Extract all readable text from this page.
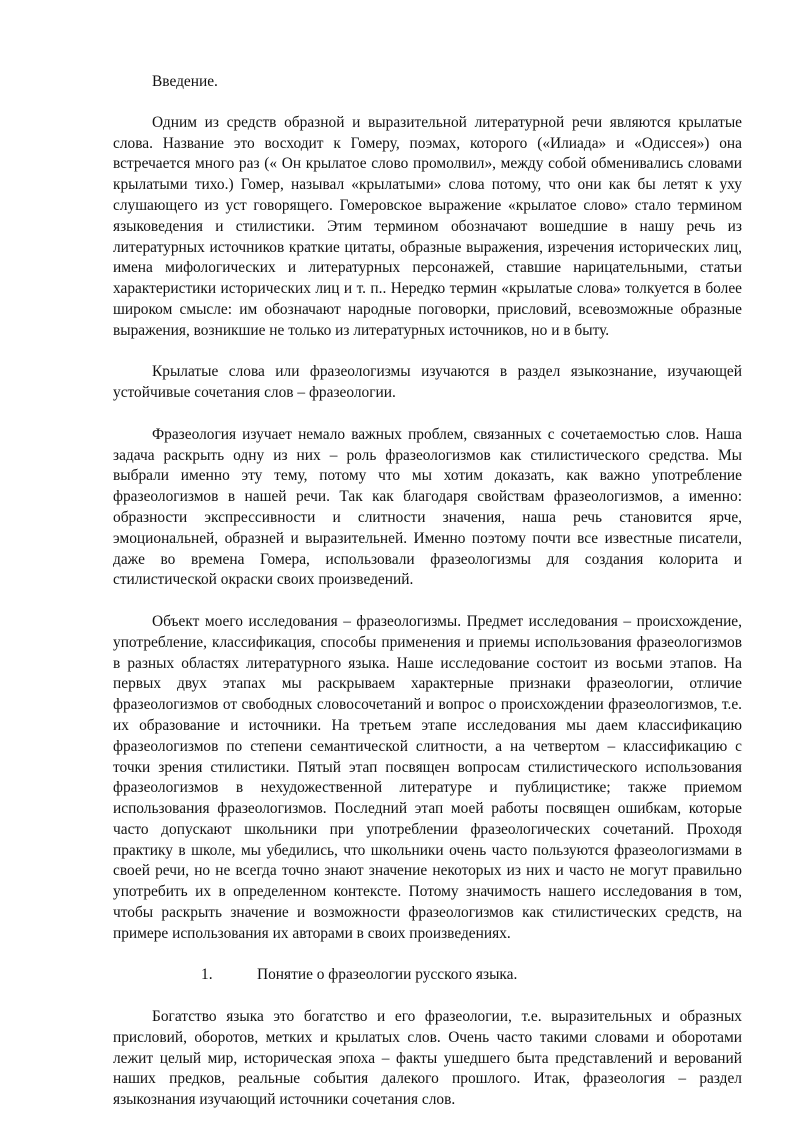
Введение.

Одним из средств образной и выразительной литературной речи являются крылатые слова. Название это восходит к Гомеру, поэмах, которого («Илиада» и «Одиссея») она встречается много раз (« Он крылатое слово промолвил», между собой обменивались словами крылатыми тихо.) Гомер, называл «крылатыми» слова потому, что они как бы летят к уху слушающего из уст говорящего. Гомеровское выражение «крылатое слово» стало термином языковедения и стилистики. Этим термином обозначают вошедшие в нашу речь из литературных источников краткие цитаты, образные выражения, изречения исторических лиц, имена мифологических и литературных персонажей, ставшие нарицательными, статьи характеристики исторических лиц и т. п.. Нередко термин «крылатые слова» толкуется в более широком смысле: им обозначают народные поговорки, присловий, всевозможные образные выражения, возникшие не только из литературных источников, но и в быту.

Крылатые слова или фразеологизмы изучаются в раздел языкознание, изучающей устойчивые сочетания слов – фразеологии.

Фразеология изучает немало важных проблем, связанных с сочетаемостью слов. Наша задача раскрыть одну из них – роль фразеологизмов как стилистического средства. Мы выбрали именно эту тему, потому что мы хотим доказать, как важно употребление фразеологизмов в нашей речи. Так как благодаря свойствам фразеологизмов, а именно: образности экспрессивности и слитности значения, наша речь становится ярче, эмоциональней, образней и выразительней. Именно поэтому почти все известные писатели, даже во времена Гомера, использовали фразеологизмы для создания колорита и стилистической окраски своих произведений.

Объект моего исследования – фразеологизмы. Предмет исследования – происхождение, употребление, классификация, способы применения и приемы использования фразеологизмов в разных областях литературного языка. Наше исследование состоит из восьми этапов. На первых двух этапах мы раскрываем характерные признаки фразеологии, отличие фразеологизмов от свободных словосочетаний и вопрос о происхождении фразеологизмов, т.е. их образование и источники. На третьем этапе исследования мы даем классификацию фразеологизмов по степени семантической слитности, а на четвертом – классификацию с точки зрения стилистики. Пятый этап посвящен вопросам стилистического использования фразеологизмов в нехудожественной литературе и публицистике; также приемом использования фразеологизмов. Последний этап моей работы посвящен ошибкам, которые часто допускают школьники при употреблении фразеологических сочетаний. Проходя практику в школе, мы убедились, что школьники очень часто пользуются фразеологизмами в своей речи, но не всегда точно знают значение некоторых из них и часто не могут правильно употребить их в определенном контексте. Потому значимость нашего исследования в том, чтобы раскрыть значение и возможности фразеологизмов как стилистических средств, на примере использования их авторами в своих произведениях.

1.	Понятие о фразеологии русского языка.

Богатство языка это богатство и его фразеологии, т.е. выразительных и образных присловий, оборотов, метких и крылатых слов. Очень часто такими словами и оборотами лежит целый мир, историческая эпоха – факты ушедшего быта представлений и верований наших предков, реальные события далекого прошлого. Итак, фразеология – раздел языкознания изучающий источники сочетания слов.
